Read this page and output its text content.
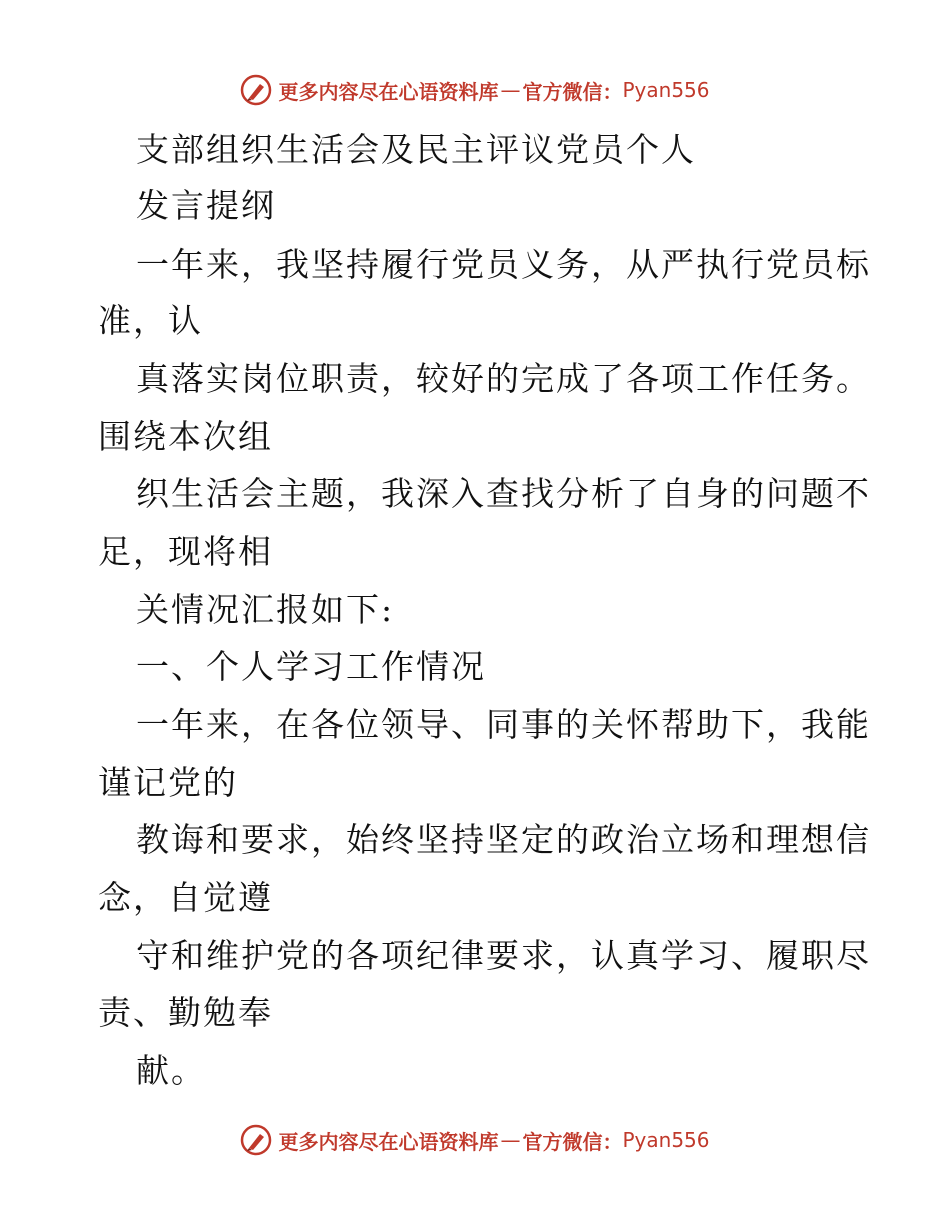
更多内容尽在心语资料库 — 官方微信： Pyan556
支部组织生活会及民主评议党员个人
发言提纲
一年来，我坚持履行党员义务，从严执行党员标
准，认
真落实岗位职责，较好的完成了各项工作任务。
围绕本次组
织生活会主题，我深入查找分析了自身的问题不
足，现将相
关情况汇报如下:
一、个人学习工作情况
一年来，在各位领导、同事的关怀帮助下，我能
谨记党的
教诲和要求，始终坚持坚定的政治立场和理想信
念，自觉遵
守和维护党的各项纪律要求，认真学习、履职尽
责、勤勉奉
献。
更多内容尽在心语资料库 — 官方微信： Pyan556
